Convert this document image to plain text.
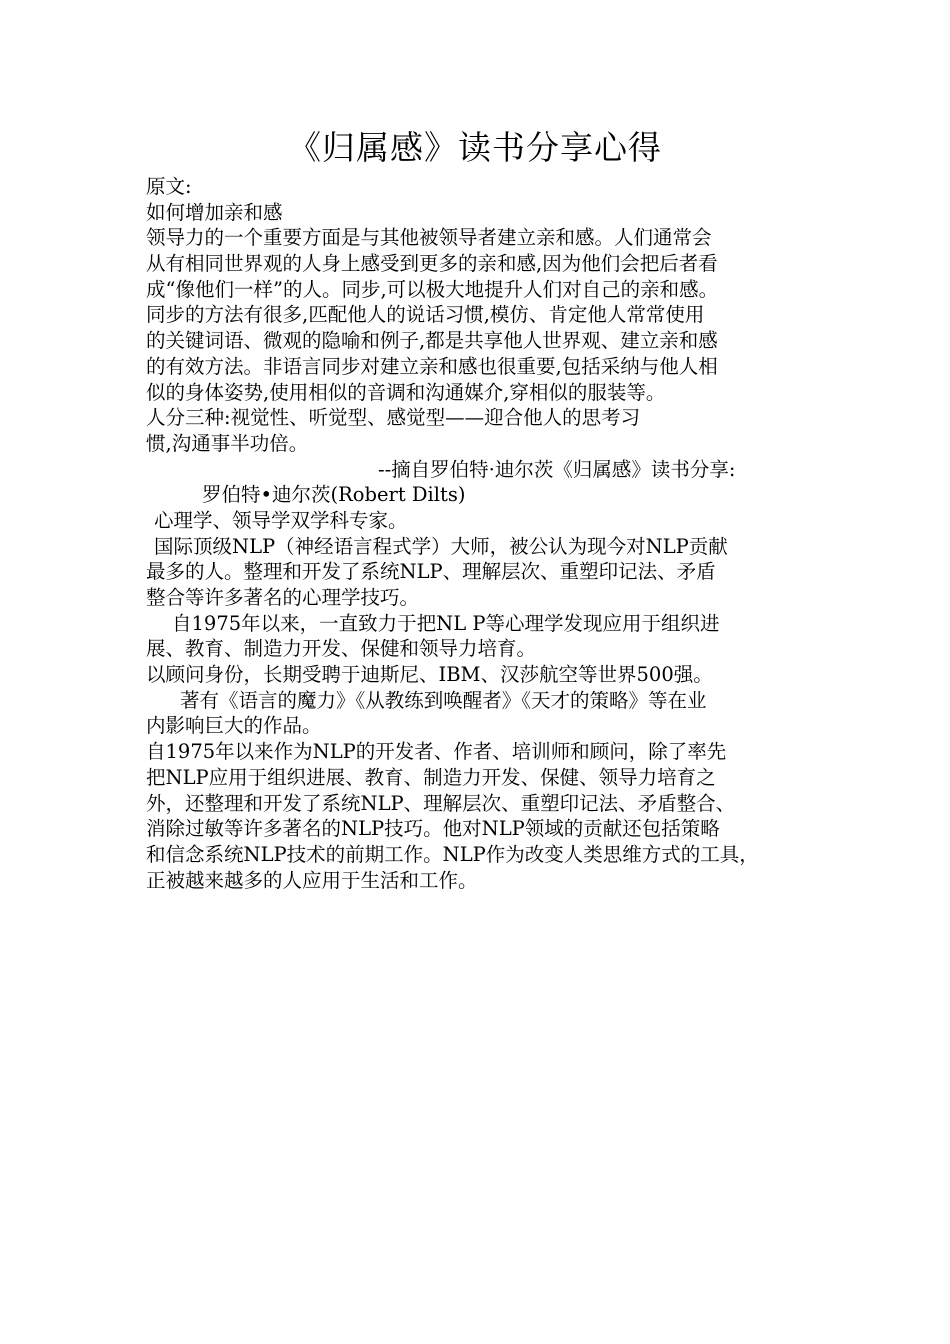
《归属感》读书分享心得
原文:
如何增加亲和感
领导力的一个重要方面是与其他被领导者建立亲和感。人们通常会
从有相同世界观的人身上感受到更多的亲和感,因为他们会把后者看
成“像他们一样”的人。同步,可以极大地提升人们对自己的亲和感。
同步的方法有很多,匹配他人的说话习惯,模仿、肯定他人常常使用
的关键词语、微观的隐喻和例子,都是共享他人世界观、建立亲和感
的有效方法。非语言同步对建立亲和感也很重要,包括采纳与他人相
似的身体姿势,使用相似的音调和沟通媒介,穿相似的服装等。
人分三种:视觉性、听觉型、感觉型——迎合他人的思考习
惯,沟通事半功倍。
--摘自罗伯特·迪尔茨《归属感》读书分享:
罗伯特•迪尔茨(Robert Dilts)
心理学、领导学双学科专家。
国际顶级NLP（神经语言程式学）大师，被公认为现今对NLP贡献
最多的人。整理和开发了系统NLP、理解层次、重塑印记法、矛盾
整合等许多著名的心理学技巧。
自1975年以来，一直致力于把NL P等心理学发现应用于组织进
展、教育、制造力开发、保健和领导力培育。
以顾问身份，长期受聘于迪斯尼、IBM、汉莎航空等世界500强。
著有《语言的魔力》《从教练到唤醒者》《天才的策略》等在业
内影响巨大的作品。
自1975年以来作为NLP的开发者、作者、培训师和顾问，除了率先
把NLP应用于组织进展、教育、制造力开发、保健、领导力培育之
外，还整理和开发了系统NLP、理解层次、重塑印记法、矛盾整合、
消除过敏等许多著名的NLP技巧。他对NLP领域的贡献还包括策略
和信念系统NLP技术的前期工作。NLP作为改变人类思维方式的工具，
正被越来越多的人应用于生活和工作。
